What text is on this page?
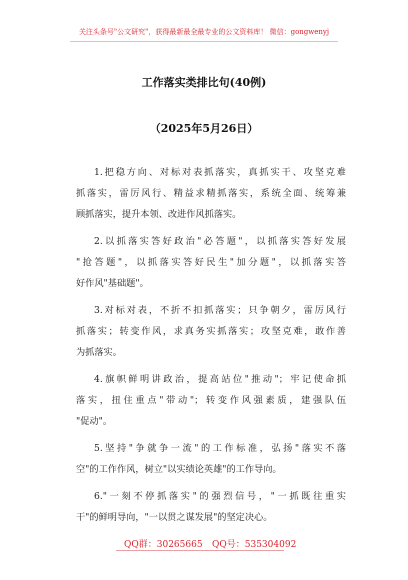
关注头条号"公文研究"，获得最新最全最专业的公文资料库！ 微信：gongwenyj
工作落实类排比句(40例)
（2025年5月26日）
1.把稳方向、对标对表抓落实，真抓实干、攻坚克难
抓落实，雷厉风行、精益求精抓落实，系统全面、统筹兼
顾抓落实，提升本领、改进作风抓落实。
2.以抓落实答好政治"必答题"，以抓落实答好发展
"抢答题"，以抓落实答好民生"加分题"，以抓落实答
好作风"基础题"。
3.对标对表，不折不扣抓落实；只争朝夕，雷厉风行
抓落实；转变作风，求真务实抓落实；攻坚克难，敢作善
为抓落实。
4.旗帜鲜明讲政治，提高站位"推动"；牢记使命抓
落实，扭住重点"带动"；转变作风强素质，建强队伍
"促动"。
5.坚持"争就争一流"的工作标准，弘扬"落实不落
空"的工作作风，树立"以实绩论英雄"的工作导向。
6."一刻不停抓落实"的强烈信号，"一抓既往重实
干"的鲜明导向，"一以贯之谋发展"的坚定决心。
QQ群：30265665 QQ号：535304092
